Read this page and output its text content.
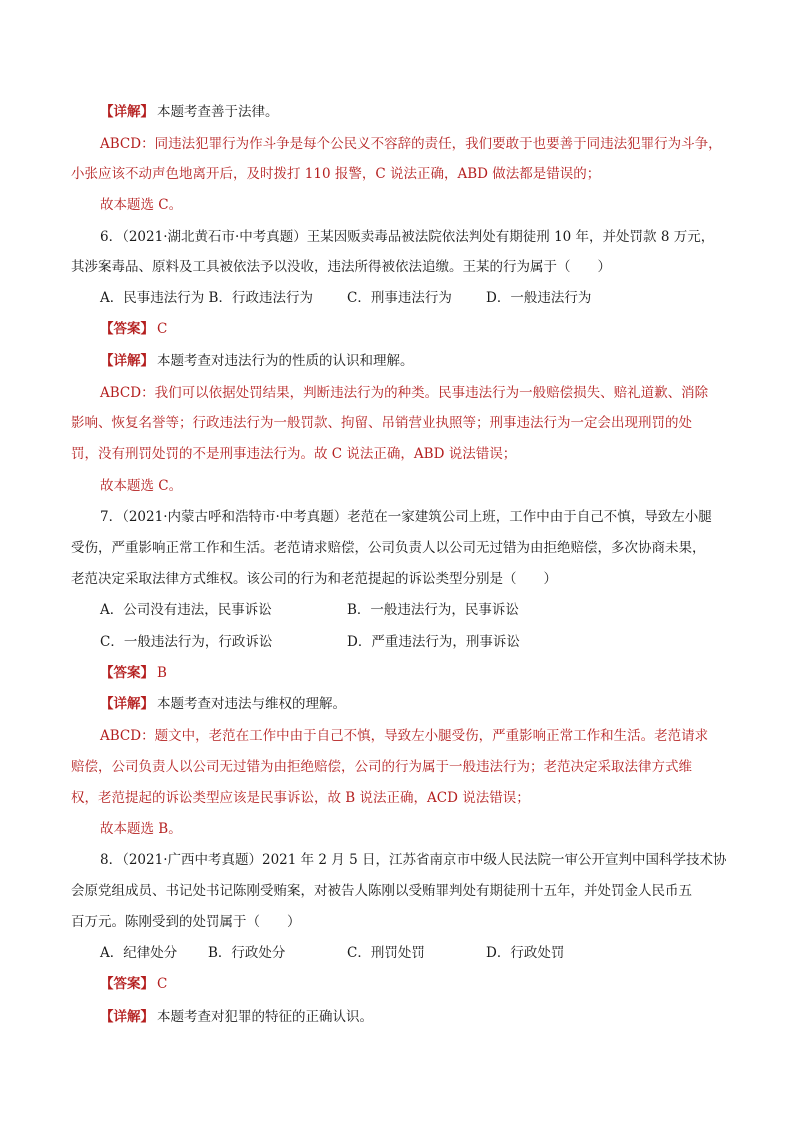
【详解】 本题考查善于法律。
ABCD：同违法犯罪行为作斗争是每个公民义不容辞的责任，我们要敢于也要善于同违法犯罪行为斗争，
小张应该不动声色地离开后，及时拨打 110 报警，C 说法正确，ABD 做法都是错误的；
故本题选 C。
6．（2021·湖北黄石市·中考真题）王某因贩卖毒品被法院依法判处有期徒刑 10 年，并处罚款 8 万元，
其涉案毒品、原料及工具被依法予以没收，违法所得被依法追缴。王某的行为属于（　　）
A．民事违法行为 B．行政违法行为	C．刑事违法行为	D．一般违法行为
【答案】 C
【详解】 本题考查对违法行为的性质的认识和理解。
ABCD：我们可以依据处罚结果，判断违法行为的种类。民事违法行为一般赔偿损失、赔礼道歉、消除
影响、恢复名誉等；行政违法行为一般罚款、拘留、吊销营业执照等；刑事违法行为一定会出现刑罚的处
罚，没有刑罚处罚的不是刑事违法行为。故 C 说法正确，ABD 说法错误；
故本题选 C。
7．（2021·内蒙古呼和浩特市·中考真题）老范在一家建筑公司上班，工作中由于自己不慎，导致左小腿
受伤，严重影响正常工作和生活。老范请求赔偿，公司负责人以公司无过错为由拒绝赔偿，多次协商未果，
老范决定采取法律方式维权。该公司的行为和老范提起的诉讼类型分别是（　　）
A．公司没有违法，民事诉讼	B．一般违法行为，民事诉讼
C．一般违法行为，行政诉讼	D．严重违法行为，刑事诉讼
【答案】 B
【详解】 本题考查对违法与维权的理解。
ABCD：题文中，老范在工作中由于自己不慎，导致左小腿受伤，严重影响正常工作和生活。老范请求
赔偿，公司负责人以公司无过错为由拒绝赔偿，公司的行为属于一般违法行为；老范决定采取法律方式维
权，老范提起的诉讼类型应该是民事诉讼，故 B 说法正确，ACD 说法错误；
故本题选 B。
8．（2021·广西中考真题）2021 年 2 月 5 日，江苏省南京市中级人民法院一审公开宣判中国科学技术协
会原党组成员、书记处书记陈刚受贿案，对被告人陈刚以受贿罪判处有期徒刑十五年，并处罚金人民币五
百万元。陈刚受到的处罚属于（　　）
A．纪律处分 B．行政处分	C．刑罚处罚	D．行政处罚
【答案】 C
【详解】 本题考查对犯罪的特征的正确认识。
